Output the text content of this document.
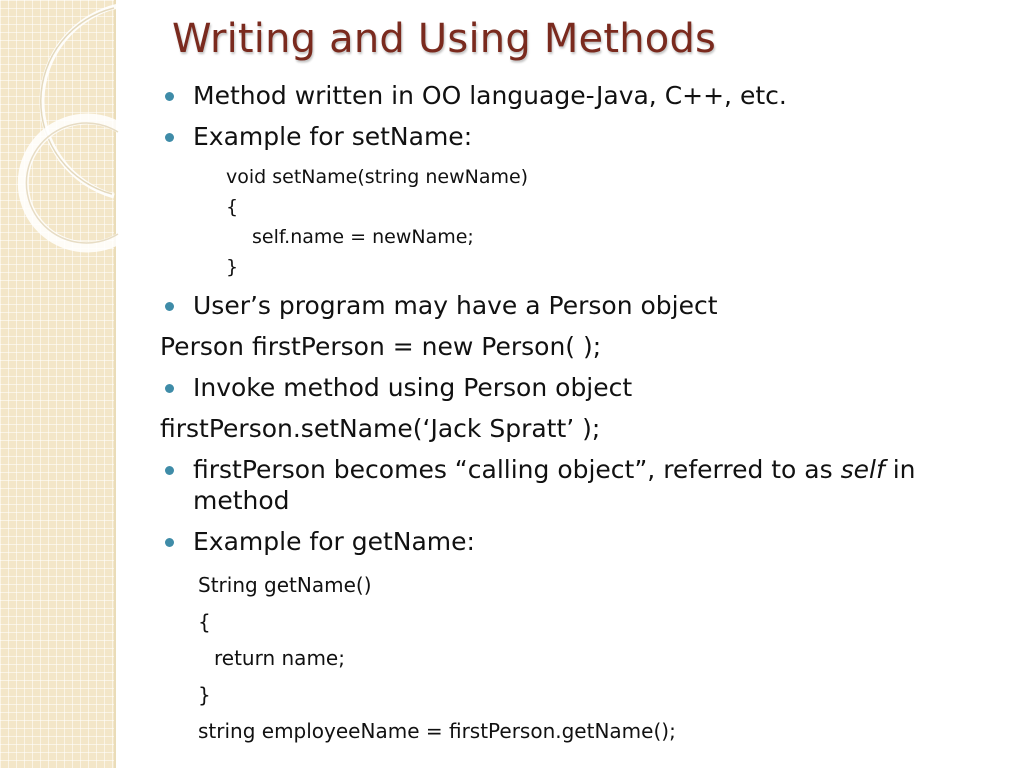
Writing and Using Methods
Method written in OO language-Java, C++, etc.
Example for setName:
void setName(string newName)
{
self.name = newName;
}
User’s program may have a Person object
Person firstPerson = new Person( );
Invoke method using Person object
firstPerson.setName(‘Jack Spratt’ );
firstPerson becomes “calling object”, referred to as self in method
Example for getName:
String getName()
{
return name;
}
string employeeName = firstPerson.getName();
